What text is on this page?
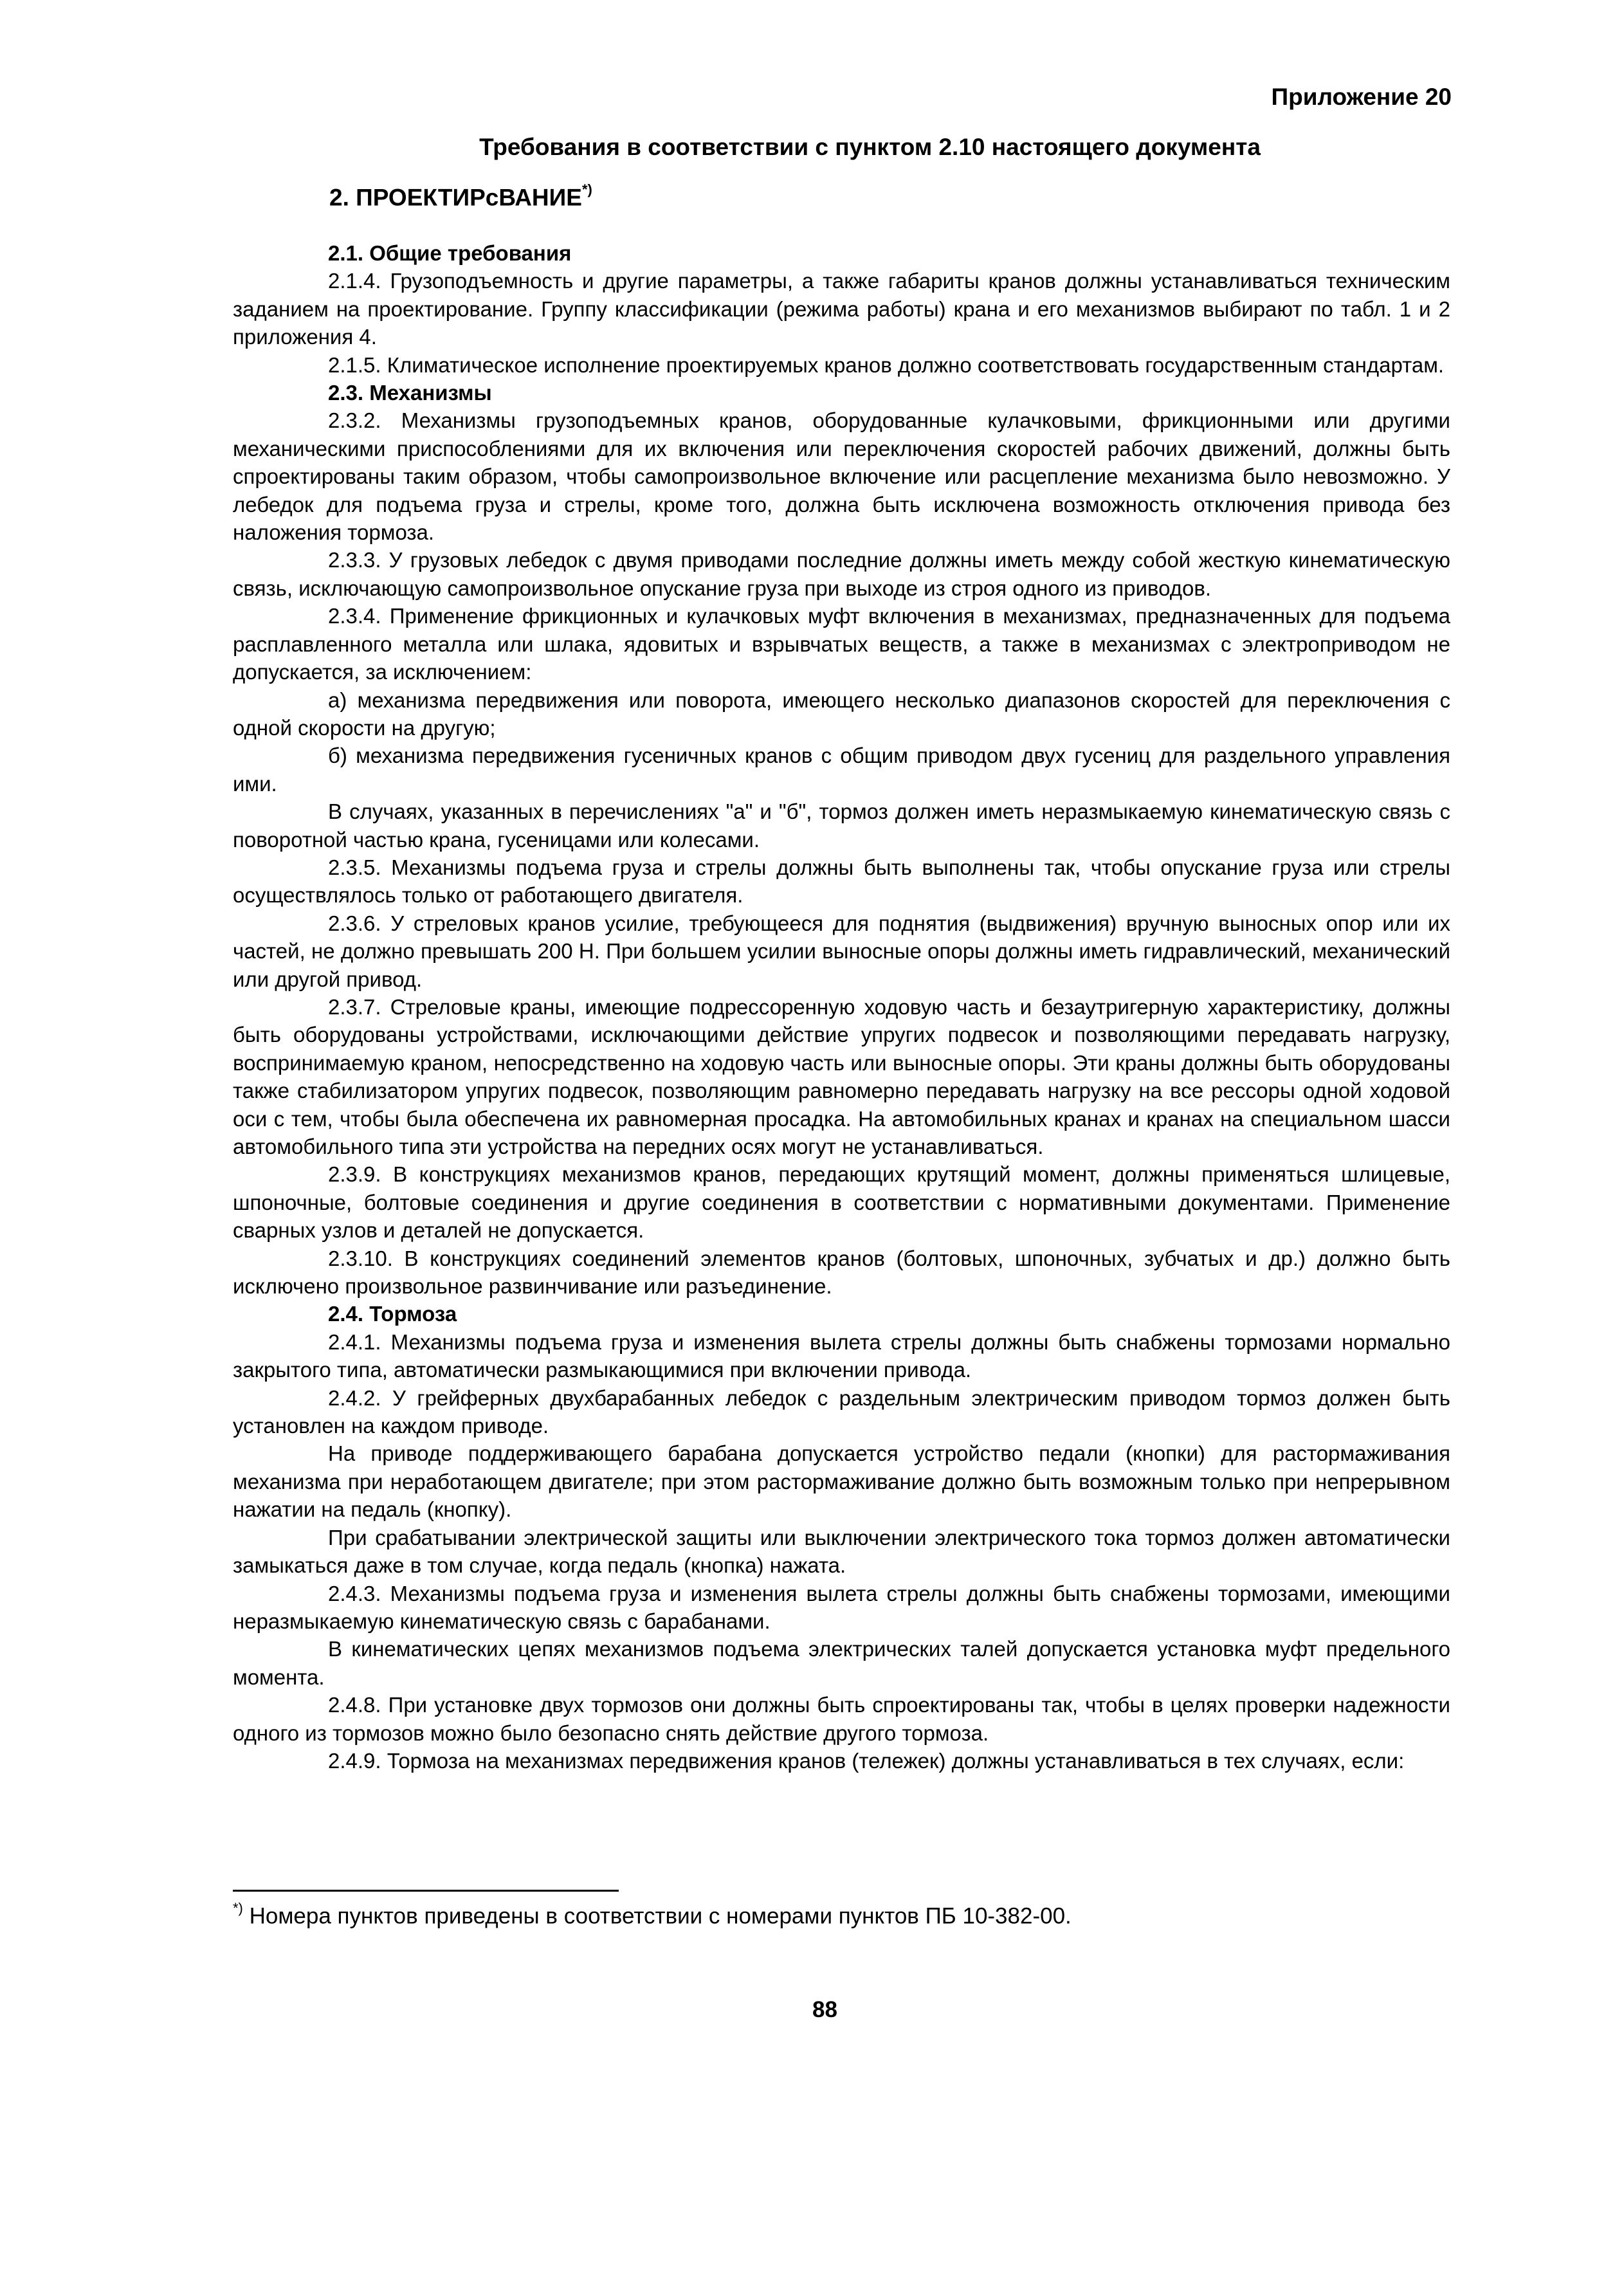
Приложение 20
Требования в соответствии с пунктом 2.10 настоящего документа
2. ПРОЕКТИРсВАНИЕ*)
2.1. Общие требования

2.1.4. Грузоподъемность и другие параметры, а также габариты кранов должны устанавливаться техническим заданием на проектирование. Группу классификации (режима работы) крана и его механизмов выбирают по табл. 1 и 2 приложения 4.

2.1.5. Климатическое исполнение проектируемых кранов должно соответствовать государственным стандартам.

2.3. Механизмы

2.3.2. Механизмы грузоподъемных кранов, оборудованные кулачковыми, фрикционными или другими механическими приспособлениями для их включения или переключения скоростей рабочих движений, должны быть спроектированы таким образом, чтобы самопроизвольное включение или расцепление механизма было невозможно. У лебедок для подъема груза и стрелы, кроме того, должна быть исключена возможность отключения привода без наложения тормоза.

2.3.3. У грузовых лебедок с двумя приводами последние должны иметь между собой жесткую кинематическую связь, исключающую самопроизвольное опускание груза при выходе из строя одного из приводов.

2.3.4. Применение фрикционных и кулачковых муфт включения в механизмах, предназначенных для подъема расплавленного металла или шлака, ядовитых и взрывчатых веществ, а также в механизмах с электроприводом не допускается, за исключением:

а) механизма передвижения или поворота, имеющего несколько диапазонов скоростей для переключения с одной скорости на другую;

б) механизма передвижения гусеничных кранов с общим приводом двух гусениц для раздельного управления ими.

В случаях, указанных в перечислениях "а" и "б", тормоз должен иметь неразмыкаемую кинематическую связь с поворотной частью крана, гусеницами или колесами.

2.3.5. Механизмы подъема груза и стрелы должны быть выполнены так, чтобы опускание груза или стрелы осуществлялось только от работающего двигателя.

2.3.6. У стреловых кранов усилие, требующееся для поднятия (выдвижения) вручную выносных опор или их частей, не должно превышать 200 Н. При большем усилии выносные опоры должны иметь гидравлический, механический или другой привод.

2.3.7. Стреловые краны, имеющие подрессоренную ходовую часть и безаутригерную характеристику, должны быть оборудованы устройствами, исключающими действие упругих подвесок и позволяющими передавать нагрузку, воспринимаемую краном, непосредственно на ходовую часть или выносные опоры. Эти краны должны быть оборудованы также стабилизатором упругих подвесок, позволяющим равномерно передавать нагрузку на все рессоры одной ходовой оси с тем, чтобы была обеспечена их равномерная просадка. На автомобильных кранах и кранах на специальном шасси автомобильного типа эти устройства на передних осях могут не устанавливаться.

2.3.9. В конструкциях механизмов кранов, передающих крутящий момент, должны применяться шлицевые, шпоночные, болтовые соединения и другие соединения в соответствии с нормативными документами. Применение сварных узлов и деталей не допускается.

2.3.10. В конструкциях соединений элементов кранов (болтовых, шпоночных, зубчатых и др.) должно быть исключено произвольное развинчивание или разъединение.

2.4. Тормоза

2.4.1. Механизмы подъема груза и изменения вылета стрелы должны быть снабжены тормозами нормально закрытого типа, автоматически размыкающимися при включении привода.

2.4.2. У грейферных двухбарабанных лебедок с раздельным электрическим приводом тормоз должен быть установлен на каждом приводе.

На приводе поддерживающего барабана допускается устройство педали (кнопки) для растормаживания механизма при неработающем двигателе; при этом растормаживание должно быть возможным только при непрерывном нажатии на педаль (кнопку).

При срабатывании электрической защиты или выключении электрического тока тормоз должен автоматически замыкаться даже в том случае, когда педаль (кнопка) нажата.

2.4.3. Механизмы подъема груза и изменения вылета стрелы должны быть снабжены тормозами, имеющими неразмыкаемую кинематическую связь с барабанами.

В кинематических цепях механизмов подъема электрических талей допускается установка муфт предельного момента.

2.4.8. При установке двух тормозов они должны быть спроектированы так, чтобы в целях проверки надежности одного из тормозов можно было безопасно снять действие другого тормоза.

2.4.9. Тормоза на механизмах передвижения кранов (тележек) должны устанавливаться в тех случаях, если:

*) Номера пунктов приведены в соответствии с номерами пунктов ПБ 10-382-00.
88
